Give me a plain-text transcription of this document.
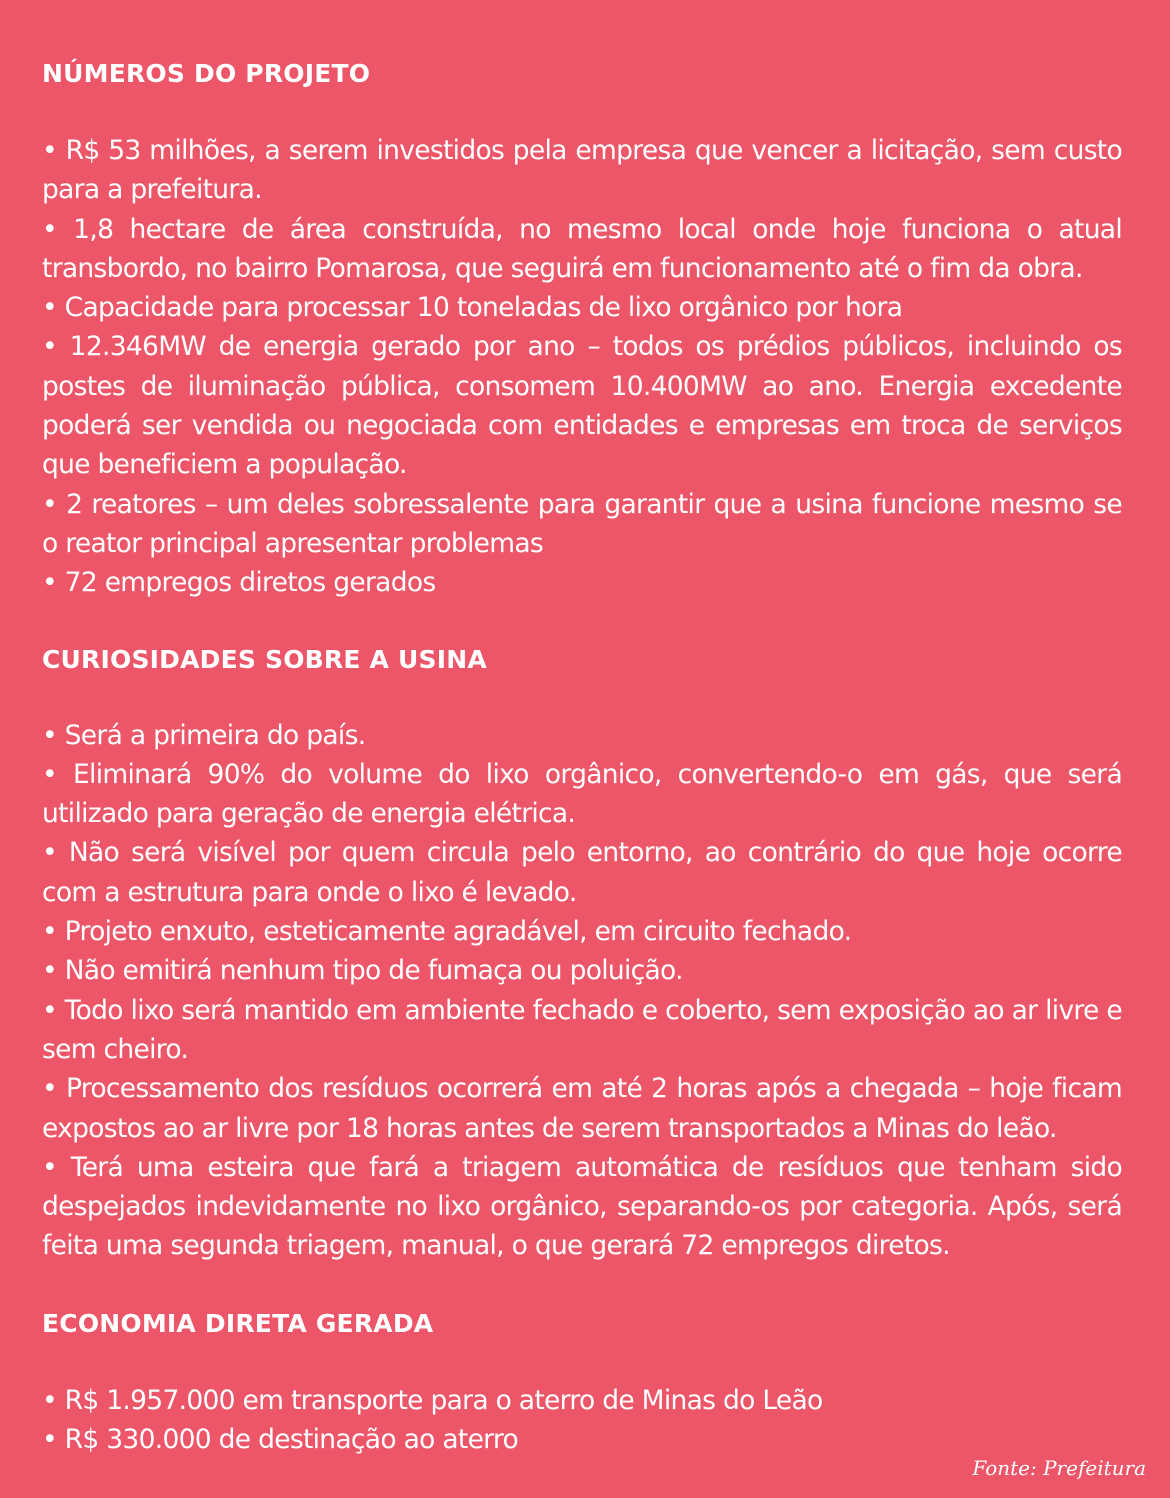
NÚMEROS DO PROJETO
• R$ 53 milhões, a serem investidos pela empresa que vencer a licitação, sem custo para a prefeitura.
• 1,8 hectare de área construída, no mesmo local onde hoje funciona o atual transbordo, no bairro Pomarosa, que seguirá em funcionamento até o fim da obra.
• Capacidade para processar 10 toneladas de lixo orgânico por hora
• 12.346MW de energia gerado por ano – todos os prédios públicos, incluindo os postes de iluminação pública, consomem 10.400MW ao ano. Energia excedente poderá ser vendida ou negociada com entidades e empresas em troca de serviços que beneficiem a população.
• 2 reatores – um deles sobressalente para garantir que a usina funcione mesmo se o reator principal apresentar problemas
• 72 empregos diretos gerados
CURIOSIDADES SOBRE A USINA
• Será a primeira do país.
• Eliminará 90% do volume do lixo orgânico, convertendo-o em gás, que será utilizado para geração de energia elétrica.
• Não será visível por quem circula pelo entorno, ao contrário do que hoje ocorre com a estrutura para onde o lixo é levado.
• Projeto enxuto, esteticamente agradável, em circuito fechado.
• Não emitirá nenhum tipo de fumaça ou poluição.
• Todo lixo será mantido em ambiente fechado e coberto, sem exposição ao ar livre e sem cheiro.
• Processamento dos resíduos ocorrerá em até 2 horas após a chegada – hoje ficam expostos ao ar livre por 18 horas antes de serem transportados a Minas do leão.
• Terá uma esteira que fará a triagem automática de resíduos que tenham sido despejados indevidamente no lixo orgânico, separando-os por categoria. Após, será feita uma segunda triagem, manual, o que gerará 72 empregos diretos.
ECONOMIA DIRETA GERADA
• R$ 1.957.000 em transporte para o aterro de Minas do Leão
• R$ 330.000 de destinação ao aterro
Fonte: Prefeitura
